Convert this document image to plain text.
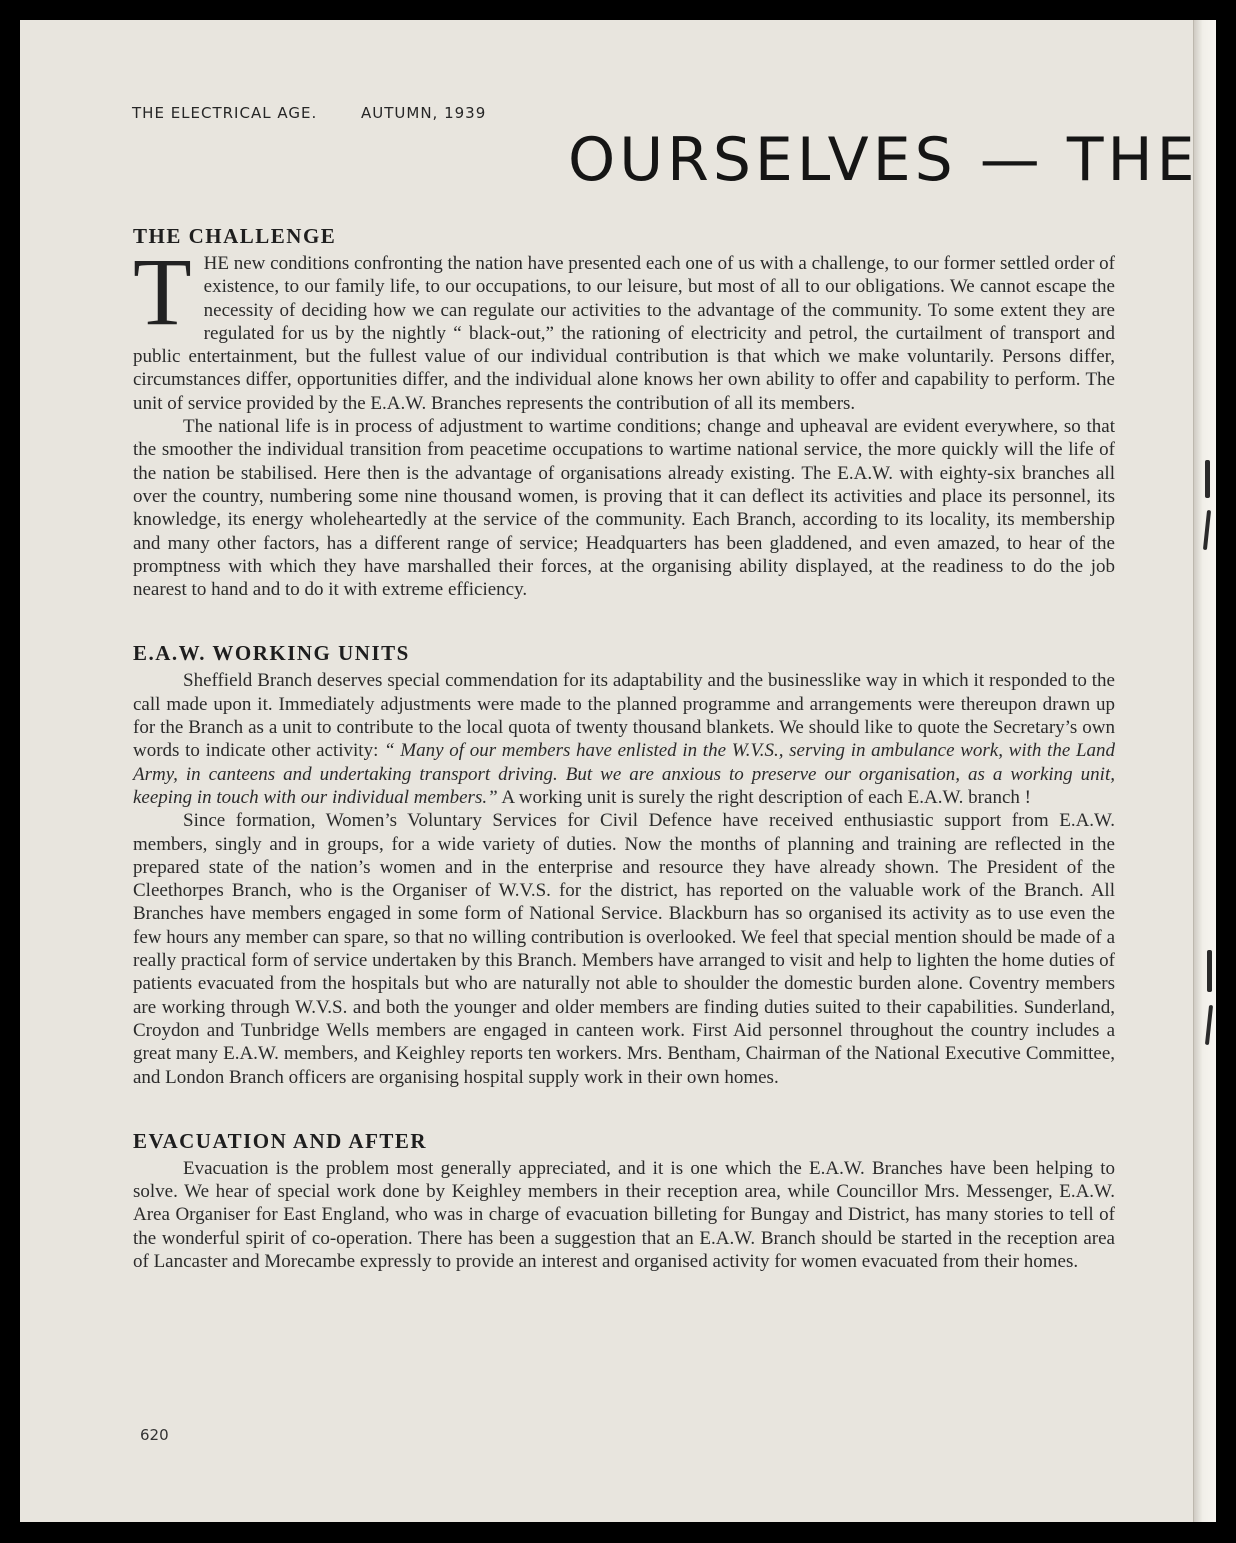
THE ELECTRICAL AGE.	AUTUMN, 1939
OURSELVES — THE
THE CHALLENGE

THE new conditions confronting the nation have presented each one of us with a challenge, to our former settled order of existence, to our family life, to our occupations, to our leisure, but most of all to our obligations. We cannot escape the necessity of deciding how we can regulate our activities to the advantage of the community. To some extent they are regulated for us by the nightly “ black-out,” the rationing of electricity and petrol, the curtailment of transport and public entertainment, but the fullest value of our individual contribution is that which we make voluntarily. Persons differ, circumstances differ, opportunities differ, and the individual alone knows her own ability to offer and capability to perform. The unit of service provided by the E.A.W. Branches represents the contribution of all its members.

The national life is in process of adjustment to wartime conditions; change and upheaval are evident everywhere, so that the smoother the individual transition from peacetime occupations to wartime national service, the more quickly will the life of the nation be stabilised. Here then is the advantage of organisations already existing. The E.A.W. with eighty-six branches all over the country, numbering some nine thousand women, is proving that it can deflect its activities and place its personnel, its knowledge, its energy wholeheartedly at the service of the community. Each Branch, according to its locality, its membership and many other factors, has a different range of service; Headquarters has been gladdened, and even amazed, to hear of the promptness with which they have marshalled their forces, at the organising ability displayed, at the readiness to do the job nearest to hand and to do it with extreme efficiency.

E.A.W. WORKING UNITS

Sheffield Branch deserves special commendation for its adaptability and the businesslike way in which it responded to the call made upon it. Immediately adjustments were made to the planned programme and arrangements were thereupon drawn up for the Branch as a unit to contribute to the local quota of twenty thousand blankets. We should like to quote the Secretary’s own words to indicate other activity: “ Many of our members have enlisted in the W.V.S., serving in ambulance work, with the Land Army, in canteens and undertaking transport driving. But we are anxious to preserve our organisation, as a working unit, keeping in touch with our individual members.” A working unit is surely the right description of each E.A.W. branch !

Since formation, Women’s Voluntary Services for Civil Defence have received enthusiastic support from E.A.W. members, singly and in groups, for a wide variety of duties. Now the months of planning and training are reflected in the prepared state of the nation’s women and in the enterprise and resource they have already shown. The President of the Cleethorpes Branch, who is the Organiser of W.V.S. for the district, has reported on the valuable work of the Branch. All Branches have members engaged in some form of National Service. Blackburn has so organised its activity as to use even the few hours any member can spare, so that no willing contribution is overlooked. We feel that special mention should be made of a really practical form of service undertaken by this Branch. Members have arranged to visit and help to lighten the home duties of patients evacuated from the hospitals but who are naturally not able to shoulder the domestic burden alone. Coventry members are working through W.V.S. and both the younger and older members are finding duties suited to their capabilities. Sunderland, Croydon and Tunbridge Wells members are engaged in canteen work. First Aid personnel throughout the country includes a great many E.A.W. members, and Keighley reports ten workers. Mrs. Bentham, Chairman of the National Executive Committee, and London Branch officers are organising hospital supply work in their own homes.

EVACUATION AND AFTER

Evacuation is the problem most generally appreciated, and it is one which the E.A.W. Branches have been helping to solve. We hear of special work done by Keighley members in their reception area, while Councillor Mrs. Messenger, E.A.W. Area Organiser for East England, who was in charge of evacuation billeting for Bungay and District, has many stories to tell of the wonderful spirit of co-operation. There has been a suggestion that an E.A.W. Branch should be started in the reception area of Lancaster and Morecambe expressly to provide an interest and organised activity for women evacuated from their homes.

620
